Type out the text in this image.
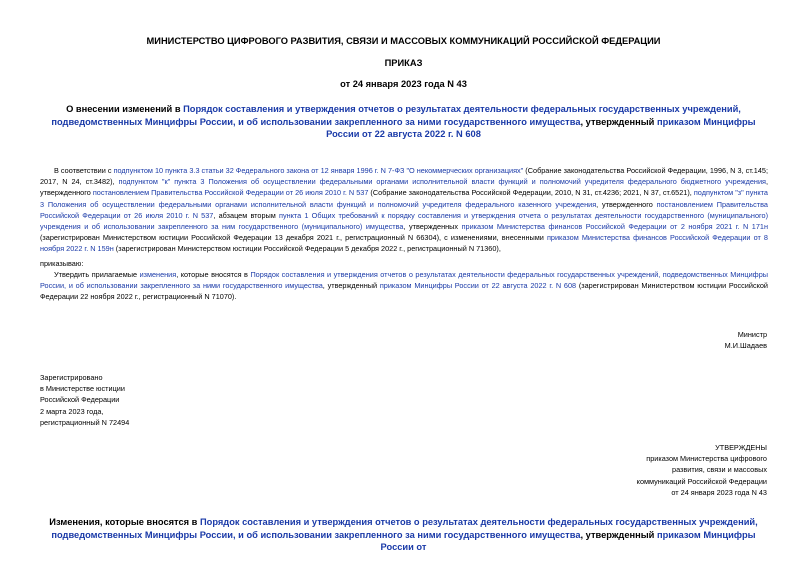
МИНИСТЕРСТВО ЦИФРОВОГО РАЗВИТИЯ, СВЯЗИ И МАССОВЫХ КОММУНИКАЦИЙ РОССИЙСКОЙ ФЕДЕРАЦИИ
ПРИКАЗ
от 24 января 2023 года N 43
О внесении изменений в Порядок составления и утверждения отчетов о результатах деятельности федеральных государственных учреждений, подведомственных Минцифры России, и об использовании закрепленного за ними государственного имущества, утвержденный приказом Минцифры России от 22 августа 2022 г. N 608
В соответствии с подпунктом 10 пункта 3.3 статьи 32 Федерального закона от 12 января 1996 г. N 7-ФЗ "О некоммерческих организациях" (Собрание законодательства Российской Федерации, 1996, N 3, ст.145; 2017, N 24, ст.3482), подпунктом "к" пункта 3 Положения об осуществлении федеральными органами исполнительной власти функций и полномочий учредителя федерального бюджетного учреждения, утвержденного постановлением Правительства Российской Федерации от 26 июля 2010 г. N 537 (Собрание законодательства Российской Федерации, 2010, N 31, ст.4236; 2021, N 37, ст.6521), подпунктом "з" пункта 3 Положения об осуществлении федеральными органами исполнительной власти функций и полномочий учредителя федерального казенного учреждения, утвержденного постановлением Правительства Российской Федерации от 26 июля 2010 г. N 537, абзацем вторым пункта 1 Общих требований к порядку составления и утверждения отчета о результатах деятельности государственного (муниципального) учреждения и об использовании закрепленного за ним государственного (муниципального) имущества, утвержденных приказом Министерства финансов Российской Федерации от 2 ноября 2021 г. N 171н (зарегистрирован Министерством юстиции Российской Федерации 13 декабря 2021 г., регистрационный N 66304), с изменениями, внесенными приказом Министерства финансов Российской Федерации от 8 ноября 2022 г. N 159н (зарегистрирован Министерством юстиции Российской Федерации 5 декабря 2022 г., регистрационный N 71360),
приказываю:
Утвердить прилагаемые изменения, которые вносятся в Порядок составления и утверждения отчетов о результатах деятельности федеральных государственных учреждений, подведомственных Минцифры России, и об использовании закрепленного за ними государственного имущества, утвержденный приказом Минцифры России от 22 августа 2022 г. N 608 (зарегистрирован Министерством юстиции Российской Федерации 22 ноября 2022 г., регистрационный N 71070).
Министр
М.И.Шадаев
Зарегистрировано
в Министерстве юстиции
Российской Федерации
2 марта 2023 года,
регистрационный N 72494
УТВЕРЖДЕНЫ
приказом Министерства цифрового
развития, связи и массовых
коммуникаций Российской Федерации
от 24 января 2023 года N 43
Изменения, которые вносятся в Порядок составления и утверждения отчетов о результатах деятельности федеральных государственных учреждений, подведомственных Минцифры России, и об использовании закрепленного за ними государственного имущества, утвержденный приказом Минцифры России от
